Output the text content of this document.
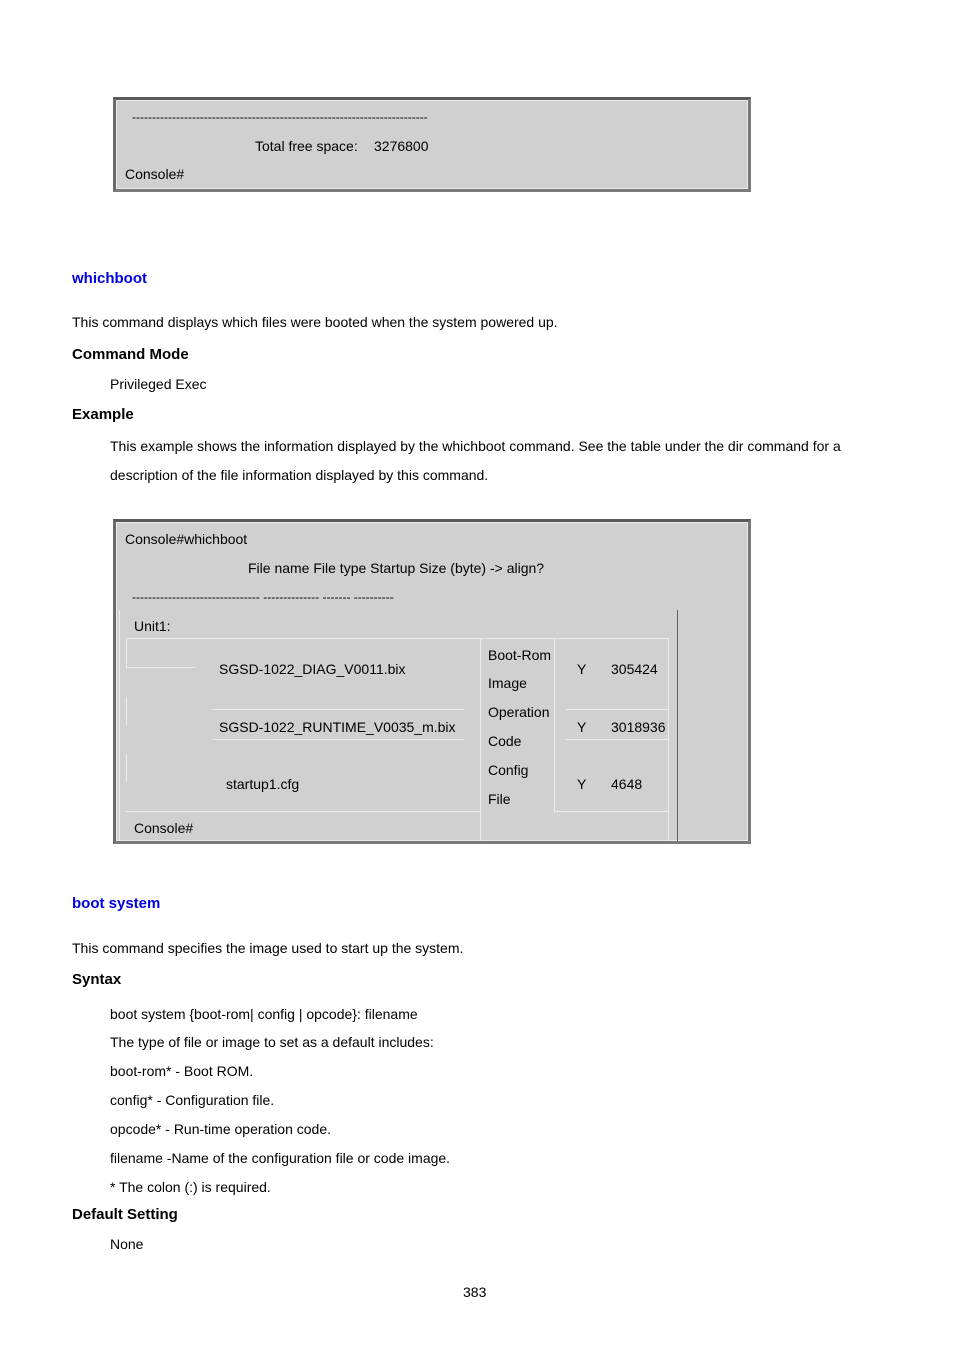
--------------------------------------------------------------------------
Total free space: 3276800
Console#
whichboot
This command displays which files were booted when the system powered up.
Command Mode
Privileged Exec
Example
This example shows the information displayed by the whichboot command. See the table under the dir command for a
description of the file information displayed by this command.
Console#whichboot
File name File type Startup Size (byte) -> align?
-------------------------------- -------------- ------- ----------
Unit1:
SGSD-1022_DIAG_V0011.bix
Boot-Rom
Image
Y 305424
SGSD-1022_RUNTIME_V0035_m.bix
Operation
Code
Y 3018936
startup1.cfg
Config
File
Y 4648
Console#
boot system
This command specifies the image used to start up the system.
Syntax
boot system {boot-rom| config | opcode}: filename
The type of file or image to set as a default includes:
boot-rom* - Boot ROM.
config* - Configuration file.
opcode* - Run-time operation code.
filename -Name of the configuration file or code image.
* The colon (:) is required.
Default Setting
None
383
